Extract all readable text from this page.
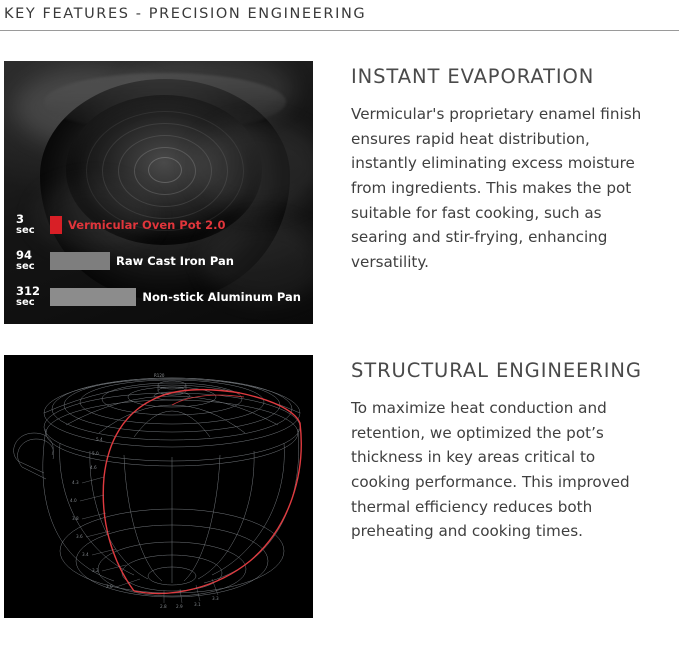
KEY FEATURES - PRECISION ENGINEERING
3
sec	Vermicular Oven Pot 2.0
94
sec	Raw Cast Iron Pan
312
sec	Non-stick Aluminum Pan
INSTANT EVAPORATION

Vermicular's proprietary enamel finish ensures rapid heat distribution, instantly eliminating excess moisture from ingredients. This makes the pot suitable for fast cooking, such as searing and stir-frying, enhancing versatility.

4.3
4.0
3.8
3.6
3.4
3.2
3.0
2.8 2.9	3.1
3.3
4.6
5.0
5.4
R120	STRUCTURAL ENGINEERING

To maximize heat conduction and retention, we optimized the pot’s thickness in key areas critical to cooking performance. This improved thermal efficiency reduces both preheating and cooking times.
